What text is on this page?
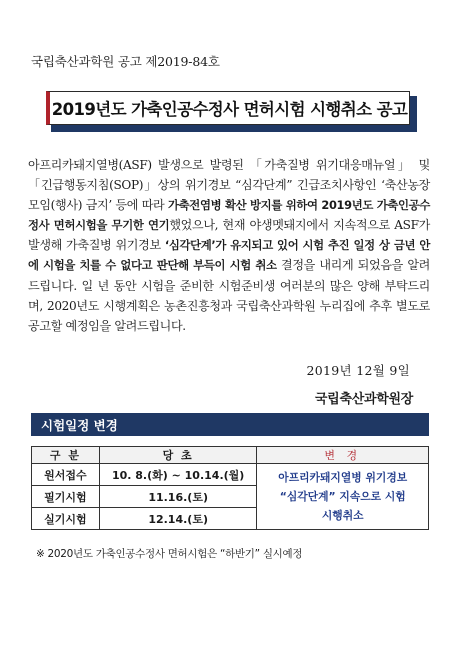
국립축산과학원 공고 제2019-84호
2019년도 가축인공수정사 면허시험 시행취소 공고
아프리카돼지열병(ASF) 발생으로 발령된 「가축질병 위기대응매뉴얼」 및 「긴급행동지침(SOP)」상의 위기경보 “심각단계” 긴급조치사항인 ‘축산농장 모임(행사) 금지’ 등에 따라 가축전염병 확산 방지를 위하여 2019년도 가축인공수정사 면허시험을 무기한 연기했었으나, 현재 야생멧돼지에서 지속적으로 ASF가 발생해 가축질병 위기경보 ‘심각단계’가 유지되고 있어 시험 추진 일정 상 금년 안에 시험을 치를 수 없다고 판단해 부득이 시험 취소 결정을 내리게 되었음을 알려드립니다. 일 년 동안 시험을 준비한 시험준비생 여러분의 많은 양해 부탁드리며, 2020년도 시행계획은 농촌진흥청과 국립축산과학원 누리집에 추후 별도로 공고할 예정임을 알려드립니다.
2019년 12월 9일
국립축산과학원장
시험일정 변경
구 분	당 초	변 경
원서접수	10. 8.(화) ~ 10.14.(월)	아프리카돼지열병 위기경보
“심각단계” 지속으로 시험
시행취소

필기시험	11.16.(토)	
실기시험	12.14.(토)	
※ 2020년도 가축인공수정사 면허시험은 “하반기” 실시예정
